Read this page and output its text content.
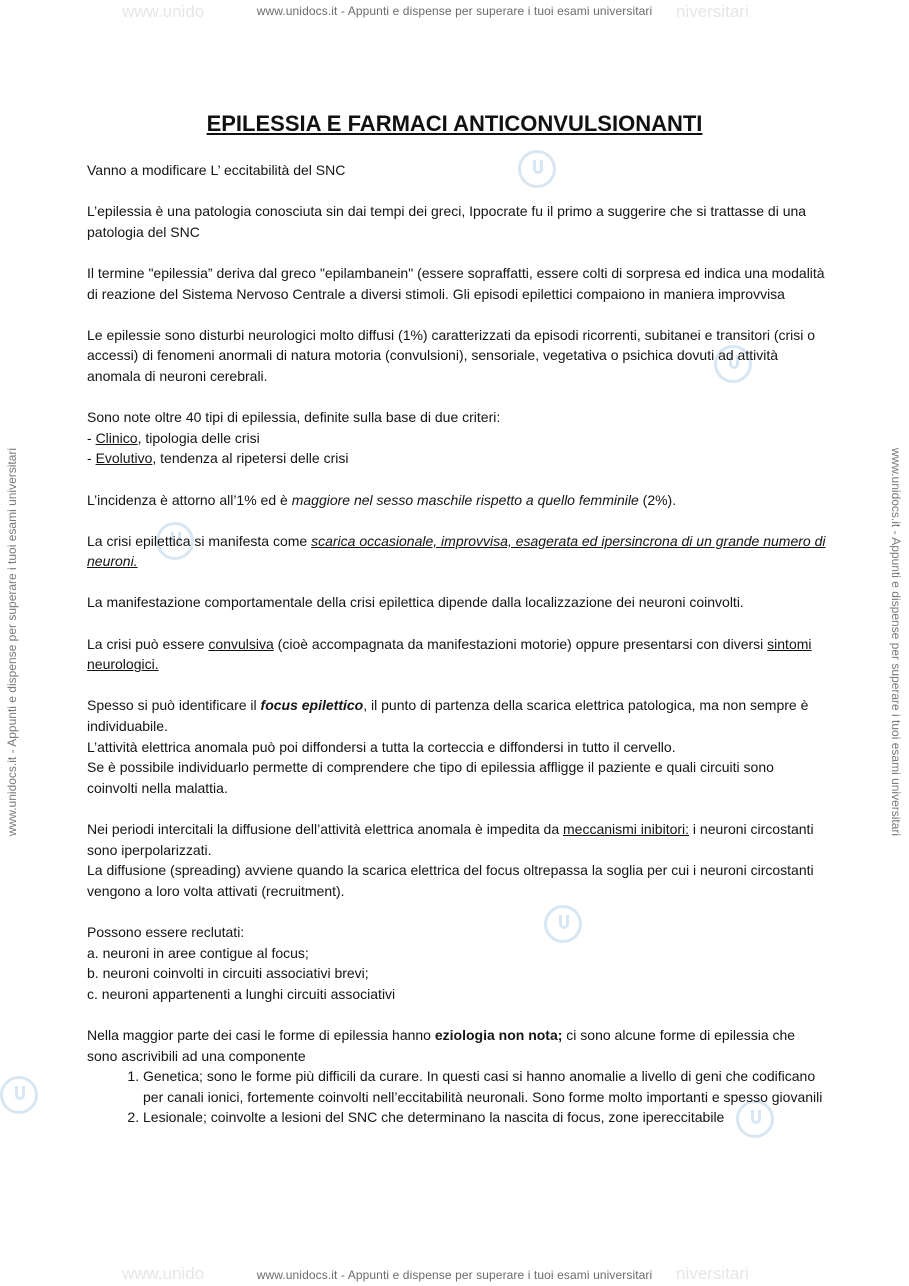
www.unido	niversitari
www.unidocs.it - Appunti e dispense per superare i tuoi esami universitari
www.unido	niversitari
www.unidocs.it - Appunti e dispense per superare i tuoi esami universitari
www.unidocs.it - Appunti e dispense per superare i tuoi esami universitari	www.unidocs.it - Appunti e dispense per superare i tuoi esami universitari
EPILESSIA E FARMACI ANTICONVULSIONANTI

Vanno a modificare L’ eccitabilità del SNC

L’epilessia è una patologia conosciuta sin dai tempi dei greci, Ippocrate fu il primo a suggerire che si trattasse di una patologia del SNC

Il termine "epilessia” deriva dal greco "epilambanein" (essere sopraffatti, essere colti di sorpresa ed indica una modalità di reazione del Sistema Nervoso Centrale a diversi stimoli. Gli episodi epilettici compaiono in maniera improvvisa

Le epilessie sono disturbi neurologici molto diffusi (1%) caratterizzati da episodi ricorrenti, subitanei e transitori (crisi o accessi) di fenomeni anormali di natura motoria (convulsioni), sensoriale, vegetativa o psichica dovuti ad attività anomala di neuroni cerebrali.

Sono note oltre 40 tipi di epilessia, definite sulla base di due criteri:
- Clinico, tipologia delle crisi
- Evolutivo, tendenza al ripetersi delle crisi

L’incidenza è attorno all’1% ed è maggiore nel sesso maschile rispetto a quello femminile (2%).

La crisi epilettica si manifesta come scarica occasionale, improvvisa, esagerata ed ipersincrona di un grande numero di neuroni.

La manifestazione comportamentale della crisi epilettica dipende dalla localizzazione dei neuroni coinvolti.

La crisi può essere convulsiva (cioè accompagnata da manifestazioni motorie) oppure presentarsi con diversi sintomi neurologici.

Spesso si può identificare il focus epilettico, il punto di partenza della scarica elettrica patologica, ma non sempre è individuabile.
L’attività elettrica anomala può poi diffondersi a tutta la corteccia e diffondersi in tutto il cervello.
Se è possibile individuarlo permette di comprendere che tipo di epilessia affligge il paziente e quali circuiti sono coinvolti nella malattia.

Nei periodi intercitali la diffusione dell’attività elettrica anomala è impedita da meccanismi inibitori: i neuroni circostanti sono iperpolarizzati.
La diffusione (spreading) avviene quando la scarica elettrica del focus oltrepassa la soglia per cui i neuroni circostanti vengono a loro volta attivati (recruitment).

Possono essere reclutati:
a. neuroni in aree contigue al focus;
b. neuroni coinvolti in circuiti associativi brevi;
c. neuroni appartenenti a lunghi circuiti associativi

Nella maggior parte dei casi le forme di epilessia hanno eziologia non nota; ci sono alcune forme di epilessia che sono ascrivibili ad una componente

1. Genetica; sono le forme più difficili da curare. In questi casi si hanno anomalie a livello di geni che codificano per canali ionici, fortemente coinvolti nell’eccitabilità neuronali. Sono forme molto importanti e spesso giovanili
2. Lesionale; coinvolte a lesioni del SNC che determinano la nascita di focus, zone ipereccitabile
